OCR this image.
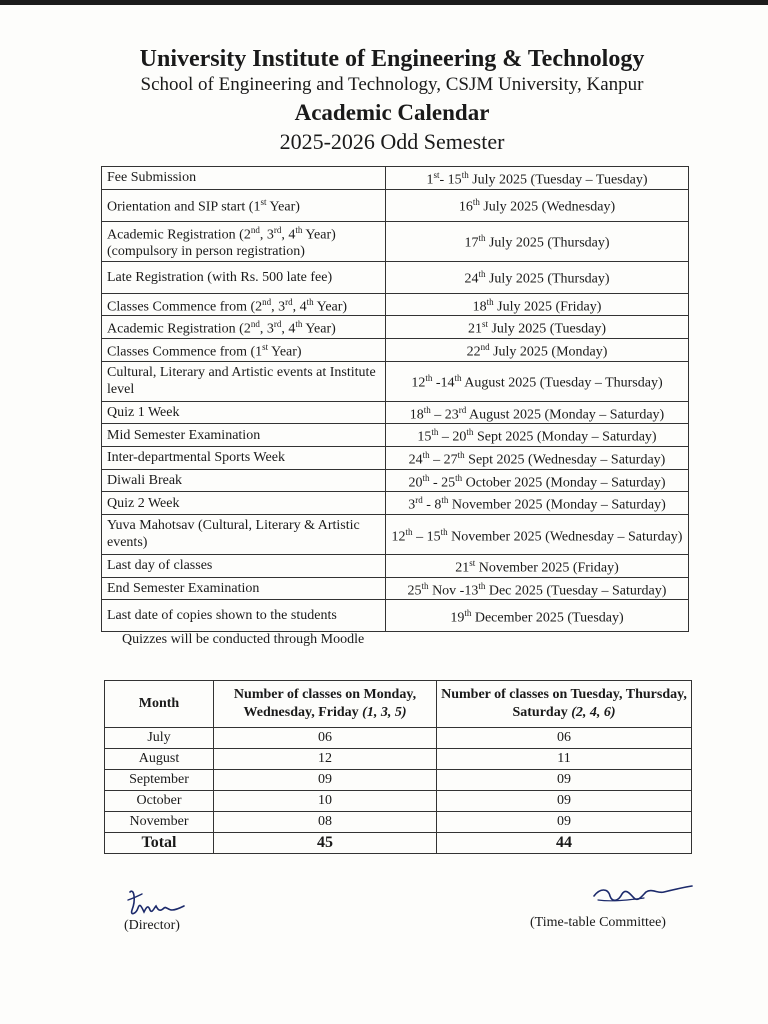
University Institute of Engineering & Technology
School of Engineering and Technology, CSJM University, Kanpur
Academic Calendar
2025-2026 Odd Semester
Fee Submission	1st- 15th July 2025 (Tuesday – Tuesday)
Orientation and SIP start (1st Year)	16th July 2025 (Wednesday)
Academic Registration (2nd, 3rd, 4th Year) (compulsory in person registration)	17th July 2025 (Thursday)
Late Registration (with Rs. 500 late fee)	24th July 2025 (Thursday)
Classes Commence from (2nd, 3rd, 4th Year)	18th July 2025 (Friday)
Academic Registration (2nd, 3rd, 4th Year)	21st July 2025 (Tuesday)
Classes Commence from (1st Year)	22nd July 2025 (Monday)
Cultural, Literary and Artistic events at Institute level	12th -14th August 2025 (Tuesday – Thursday)
Quiz 1 Week	18th – 23rd August 2025 (Monday – Saturday)
Mid Semester Examination	15th – 20th Sept 2025 (Monday – Saturday)
Inter-departmental Sports Week	24th – 27th Sept 2025 (Wednesday – Saturday)
Diwali Break	20th - 25th October 2025 (Monday – Saturday)
Quiz 2 Week	3rd - 8th November 2025 (Monday – Saturday)
Yuva Mahotsav (Cultural, Literary & Artistic events)	12th – 15th November 2025 (Wednesday – Saturday)
Last day of classes	21st November 2025 (Friday)
End Semester Examination	25th Nov -13th Dec 2025 (Tuesday – Saturday)
Last date of copies shown to the students	19th December 2025 (Tuesday)
Quizzes will be conducted through Moodle
Month	Number of classes on Monday, Wednesday, Friday (1, 3, 5)	Number of classes on Tuesday, Thursday, Saturday (2, 4, 6)
July	06	06
August	12	11
September	09	09
October	10	09
November	08	09
Total	45	44
(Director)	(Time-table Committee)
